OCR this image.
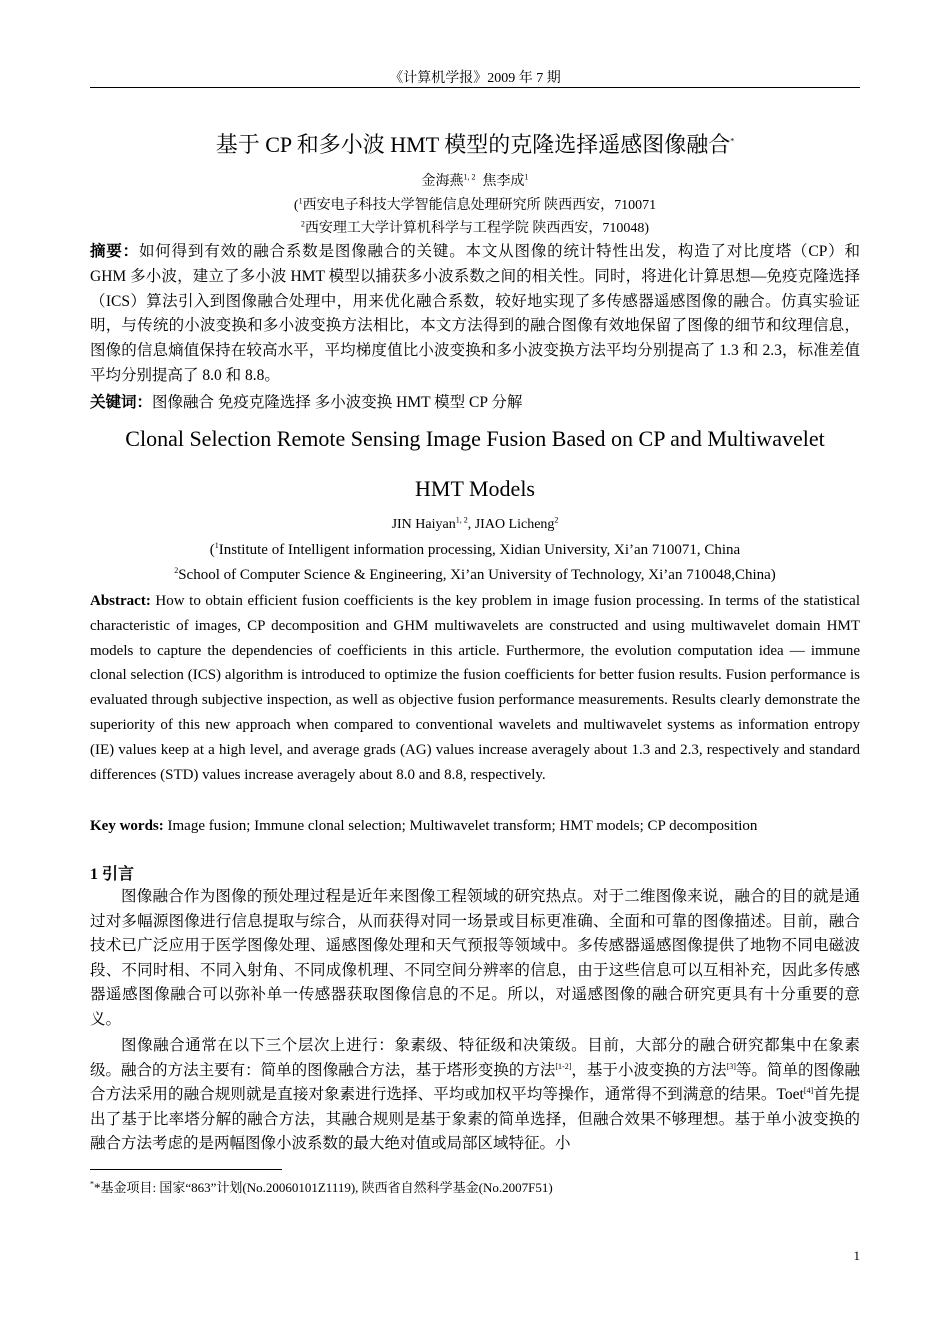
《计算机学报》2009 年 7 期
基于 CP 和多小波 HMT 模型的克隆选择遥感图像融合*
金海燕$^{1, 2}$ 焦李成$^1$
($^1$西安电子科技大学智能信息处理研究所 陕西西安，710071
$^2$西安理工大学计算机科学与工程学院 陕西西安，710048)
摘要：如何得到有效的融合系数是图像融合的关键。本文从图像的统计特性出发，构造了对比度塔（CP）和 GHM 多小波，建立了多小波 HMT 模型以捕获多小波系数之间的相关性。同时，将进化计算思想—免疫克隆选择（ICS）算法引入到图像融合处理中，用来优化融合系数，较好地实现了多传感器遥感图像的融合。仿真实验证明，与传统的小波变换和多小波变换方法相比，本文方法得到的融合图像有效地保留了图像的细节和纹理信息，图像的信息熵值保持在较高水平，平均梯度值比小波变换和多小波变换方法平均分别提高了 1.3 和 2.3，标准差值平均分别提高了 8.0 和 8.8。
关键词：图像融合 免疫克隆选择 多小波变换 HMT 模型 CP 分解
Clonal Selection Remote Sensing Image Fusion Based on CP and Multiwavelet
HMT Models
JIN Haiyan$^{1, 2}$, JIAO Licheng$^2$
($^1$Institute of Intelligent information processing, Xidian University, Xi’an 710071, China
$^2$School of Computer Science & Engineering, Xi’an University of Technology, Xi’an 710048,China)
Abstract: How to obtain efficient fusion coefficients is the key problem in image fusion processing. In terms of the statistical characteristic of images, CP decomposition and GHM multiwavelets are constructed and using multiwavelet domain HMT models to capture the dependencies of coefficients in this article. Furthermore, the evolution computation idea — immune clonal selection (ICS) algorithm is introduced to optimize the fusion coefficients for better fusion results. Fusion performance is evaluated through subjective inspection, as well as objective fusion performance measurements. Results clearly demonstrate the superiority of this new approach when compared to conventional wavelets and multiwavelet systems as information entropy (IE) values keep at a high level, and average grads (AG) values increase averagely about 1.3 and 2.3, respectively and standard differences (STD) values increase averagely about 8.0 and 8.8, respectively.
Key words: Image fusion; Immune clonal selection; Multiwavelet transform; HMT models; CP decomposition
1 引言
图像融合作为图像的预处理过程是近年来图像工程领域的研究热点。对于二维图像来说，融合的目的就是通过对多幅源图像进行信息提取与综合，从而获得对同一场景或目标更准确、全面和可靠的图像描述。目前，融合技术已广泛应用于医学图像处理、遥感图像处理和天气预报等领域中。多传感器遥感图像提供了地物不同电磁波段、不同时相、不同入射角、不同成像机理、不同空间分辨率的信息，由于这些信息可以互相补充，因此多传感器遥感图像融合可以弥补单一传感器获取图像信息的不足。所以，对遥感图像的融合研究更具有十分重要的意义。
图像融合通常在以下三个层次上进行：象素级、特征级和决策级。目前，大部分的融合研究都集中在象素级。融合的方法主要有：简单的图像融合方法，基于塔形变换的方法[1-2]，基于小波变换的方法[3]等。简单的图像融合方法采用的融合规则就是直接对象素进行选择、平均或加权平均等操作，通常得不到满意的结果。Toet[4]首先提出了基于比率塔分解的融合方法，其融合规则是基于象素的简单选择，但融合效果不够理想。基于单小波变换的融合方法考虑的是两幅图像小波系数的最大绝对值或局部区域特征。小
**基金项目: 国家“863”计划(No.20060101Z1119), 陕西省自然科学基金(No.2007F51)
1
